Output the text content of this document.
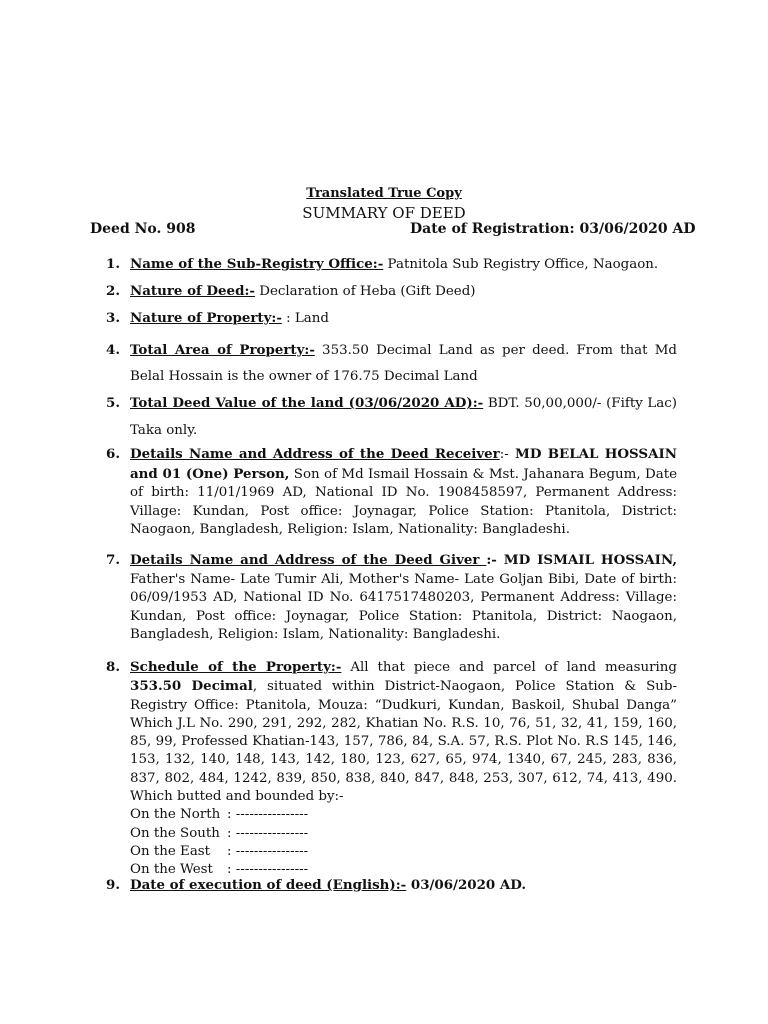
Translated True Copy
SUMMARY OF DEED
Deed No. 908	Date of Registration: 03/06/2020 AD
1. Name of the Sub-Registry Office:- Patnitola Sub Registry Office, Naogaon.
2. Nature of Deed:- Declaration of Heba (Gift Deed)
3. Nature of Property:- : Land
4. Total Area of Property:- 353.50 Decimal Land as per deed. From that Md Belal Hossain is the owner of 176.75 Decimal Land
5. Total Deed Value of the land (03/06/2020 AD):- BDT. 50,00,000/- (Fifty Lac) Taka only.
6. Details Name and Address of the Deed Receiver:- MD BELAL HOSSAIN and 01 (One) Person, Son of Md Ismail Hossain & Mst. Jahanara Begum, Date of birth: 11/01/1969 AD, National ID No. 1908458597, Permanent Address: Village: Kundan, Post office: Joynagar, Police Station: Ptanitola, District: Naogaon, Bangladesh, Religion: Islam, Nationality: Bangladeshi.
7. Details Name and Address of the Deed Giver :- MD ISMAIL HOSSAIN, Father's Name- Late Tumir Ali, Mother's Name- Late Goljan Bibi, Date of birth: 06/09/1953 AD, National ID No. 6417517480203, Permanent Address: Village: Kundan, Post office: Joynagar, Police Station: Ptanitola, District: Naogaon, Bangladesh, Religion: Islam, Nationality: Bangladeshi.
8. Schedule of the Property:- All that piece and parcel of land measuring 353.50 Decimal, situated within District-Naogaon, Police Station & Sub-Registry Office: Ptanitola, Mouza: “Dudkuri, Kundan, Baskoil, Shubal Danga” Which J.L No. 290, 291, 292, 282, Khatian No. R.S. 10, 76, 51, 32, 41, 159, 160, 85, 99, Professed Khatian-143, 157, 786, 84, S.A. 57, R.S. Plot No. R.S 145, 146, 153, 132, 140, 148, 143, 142, 180, 123, 627, 65, 974, 1340, 67, 245, 283, 836, 837, 802, 484, 1242, 839, 850, 838, 840, 847, 848, 253, 307, 612, 74, 413, 490. Which butted and bounded by:-
On the North : ----------------
On the South : ----------------
On the East	: ----------------
On the West	: ----------------
9. Date of execution of deed (English):- 03/06/2020 AD.
